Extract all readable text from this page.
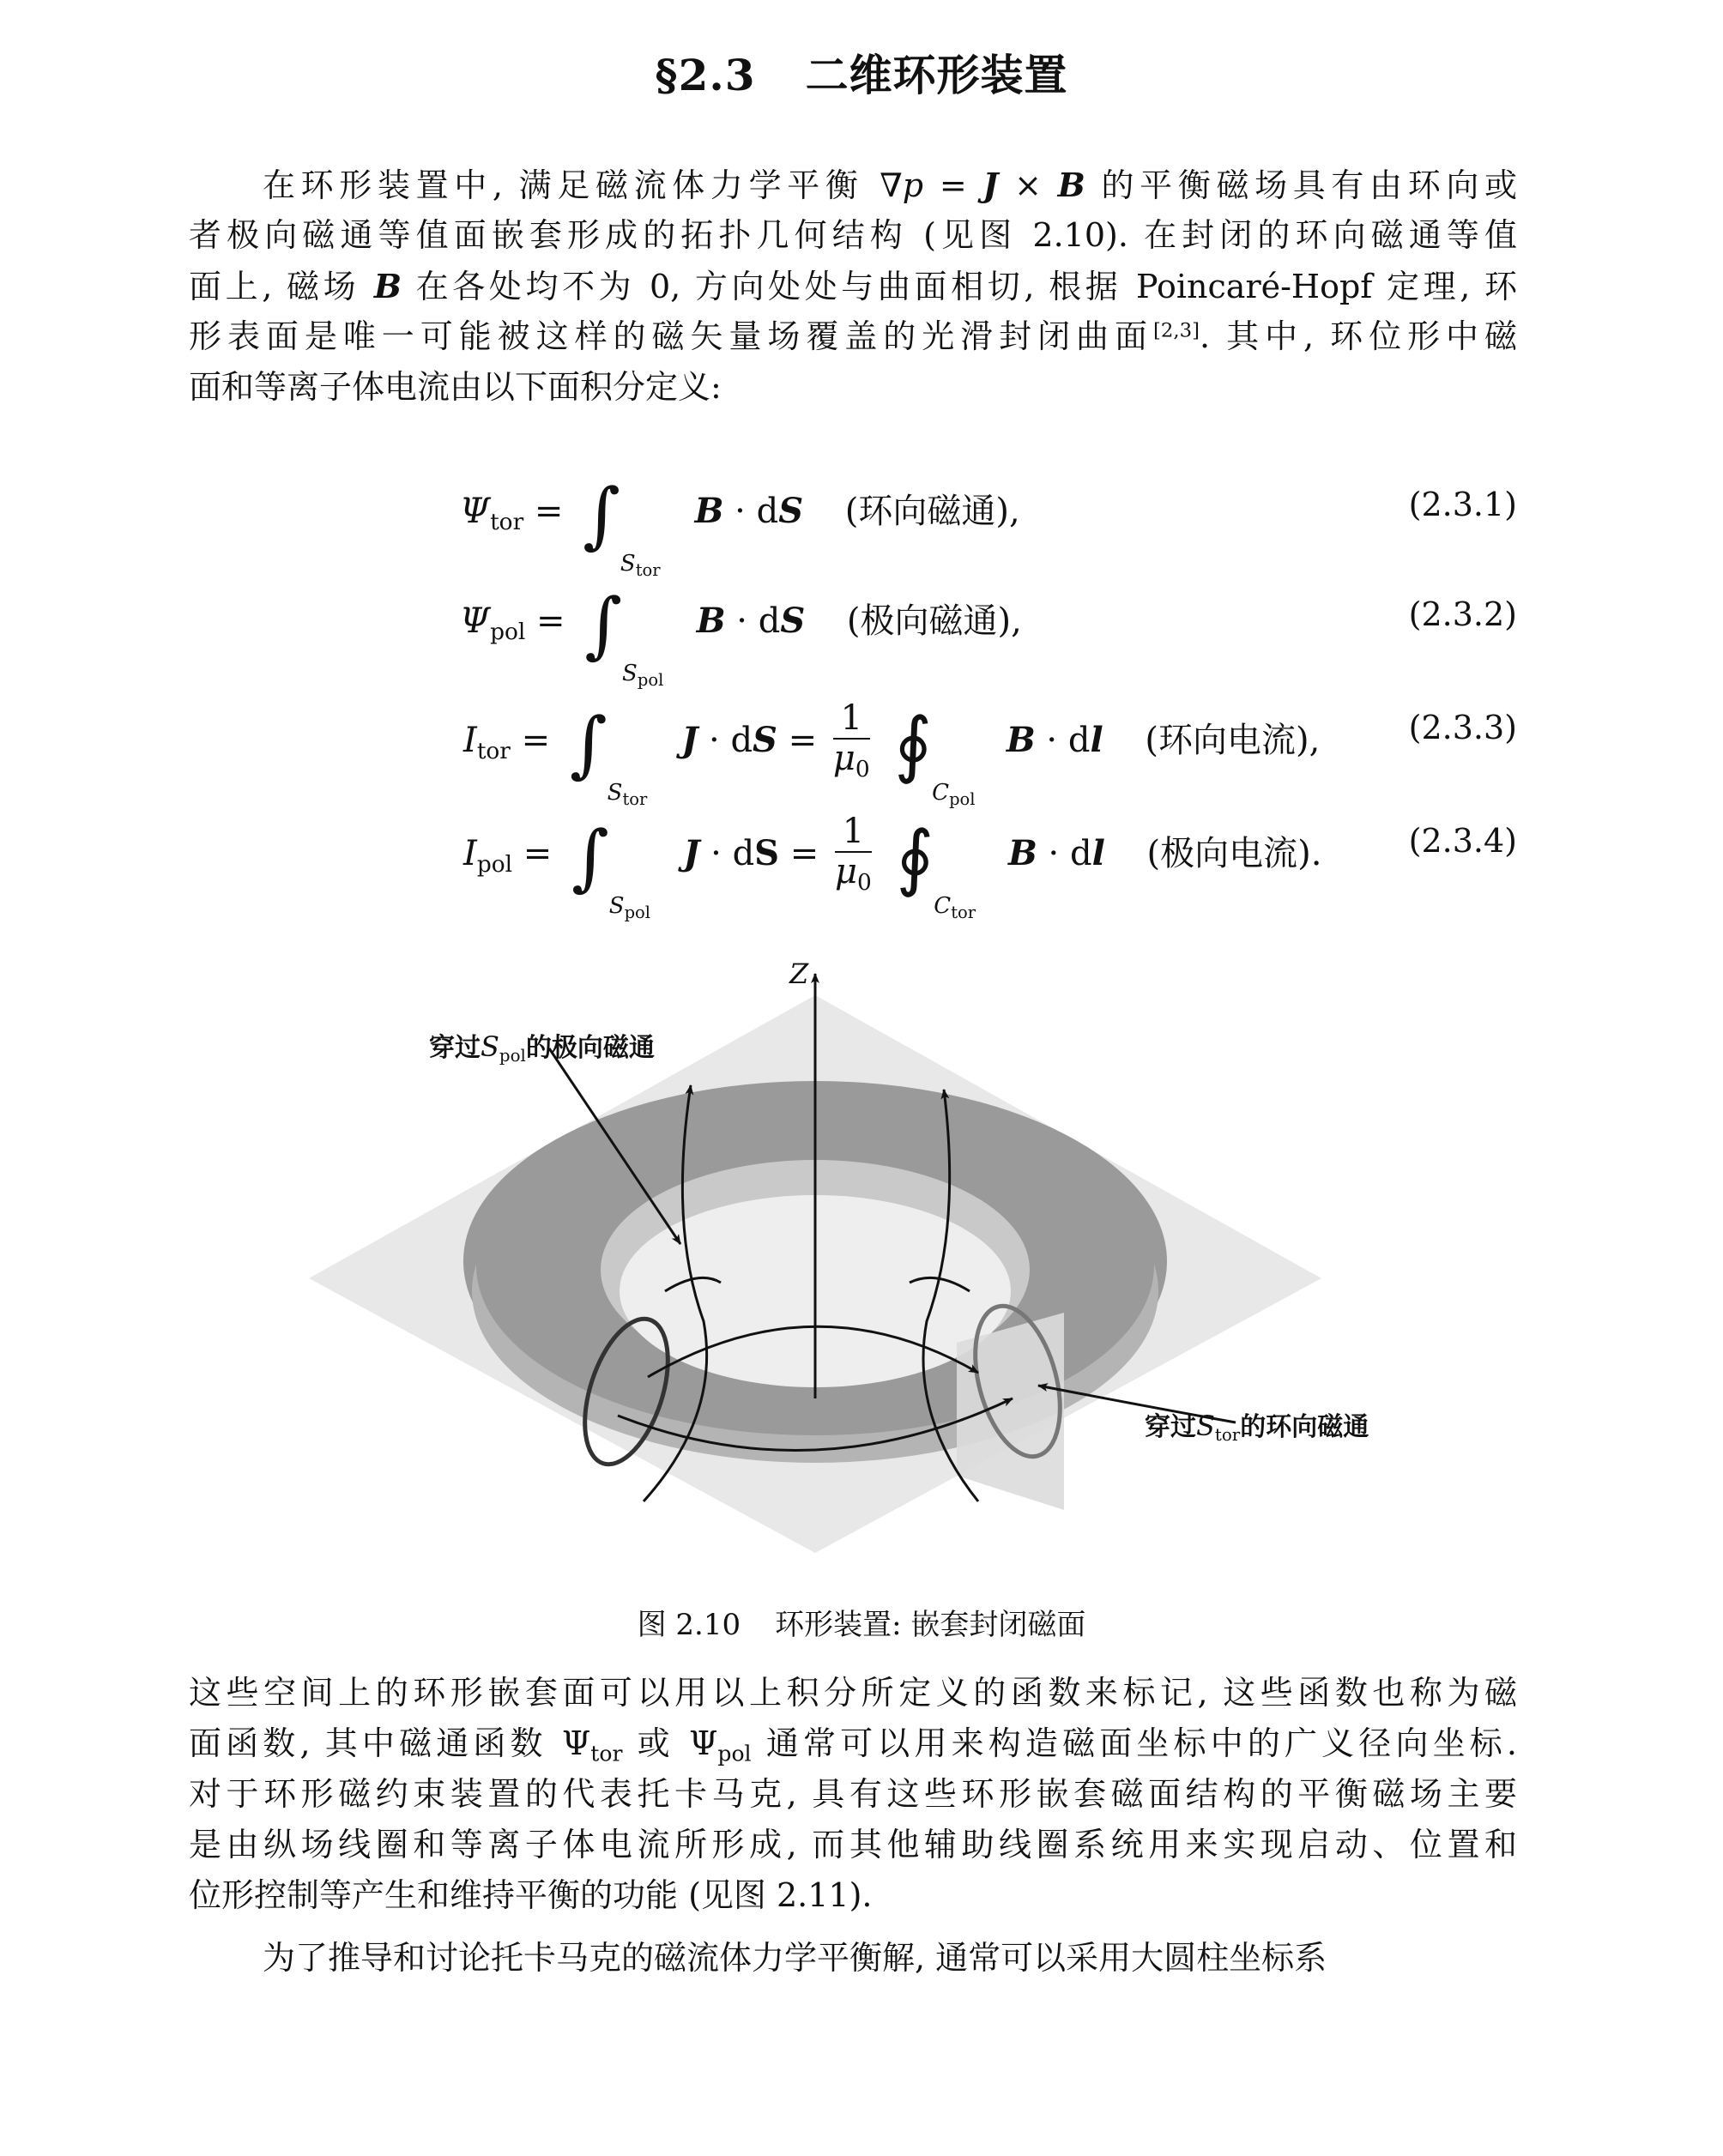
§2.3 二维环形装置
在环形装置中, 满足磁流体力学平衡 ∇p = J × B 的平衡磁场具有由环向或
者极向磁通等值面嵌套形成的拓扑几何结构 (见图 2.10). 在封闭的环向磁通等值
面上, 磁场 B 在各处均不为 0, 方向处处与曲面相切, 根据 Poincaré-Hopf 定理, 环
形表面是唯一可能被这样的磁矢量场覆盖的光滑封闭曲面[2,3]. 其中, 环位形中磁
面和等离子体电流由以下面积分定义:
$\Psi_{tor} = \int S_{tor}$ B · dS (环向磁通),	(2.3.1)
$\Psi_{pol} = \int S_{pol}$ B · dS (极向磁通),	(2.3.2)
$I_{tor} = \int S_{tor}$ J · dS = $\frac{1}{\mu_0}$ $∮C_{pol}$ B · dl (环向电流),	(2.3.3)
$I_{pol} = \int S_{pol}$ J · dS = $\frac{1}{\mu_0}$ $∮C_{tor}$ B · dl (极向电流).	(2.3.4)
Z
穿过$S_{pol}$的极向磁通
穿过$S_{tor}$的环向磁通
图 2.10 环形装置: 嵌套封闭磁面
这些空间上的环形嵌套面可以用以上积分所定义的函数来标记, 这些函数也称为磁
面函数, 其中磁通函数 $\Psi_{tor}$ 或 $\Psi_{pol}$ 通常可以用来构造磁面坐标中的广义径向坐标.
对于环形磁约束装置的代表托卡马克, 具有这些环形嵌套磁面结构的平衡磁场主要
是由纵场线圈和等离子体电流所形成, 而其他辅助线圈系统用来实现启动、位置和
位形控制等产生和维持平衡的功能 (见图 2.11).
为了推导和讨论托卡马克的磁流体力学平衡解, 通常可以采用大圆柱坐标系
